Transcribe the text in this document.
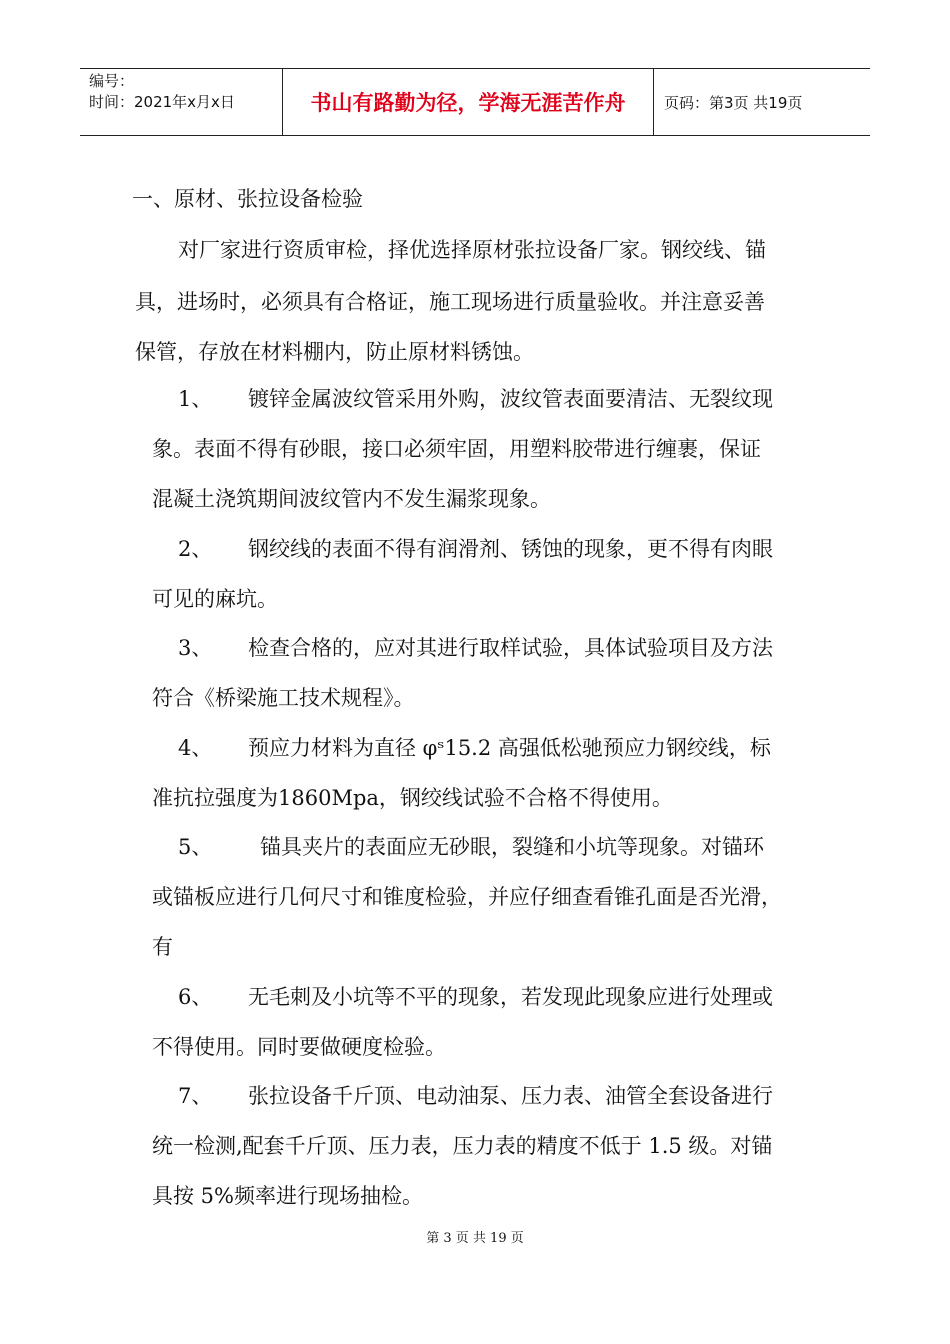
编号：
时间：2021年x月x日	书山有路勤为径，学海无涯苦作舟	页码：第3页 共19页
一、原材、张拉设备检验
对厂家进行资质审检，择优选择原材张拉设备厂家。钢绞线、锚
具，进场时，必须具有合格证，施工现场进行质量验收。并注意妥善
保管，存放在材料棚内，防止原材料锈蚀。
1、 镀锌金属波纹管采用外购，波纹管表面要清洁、无裂纹现
象。表面不得有砂眼，接口必须牢固，用塑料胶带进行缠裹，保证
混凝土浇筑期间波纹管内不发生漏浆现象。
2、 钢绞线的表面不得有润滑剂、锈蚀的现象，更不得有肉眼
可见的麻坑。
3、 检查合格的，应对其进行取样试验，具体试验项目及方法
符合《桥梁施工技术规程》。
4、 预应力材料为直径 φˢ15.2 高强低松驰预应力钢绞线，标
准抗拉强度为1860Mpa，钢绞线试验不合格不得使用。
5、 锚具夹片的表面应无砂眼，裂缝和小坑等现象。对锚环
或锚板应进行几何尺寸和锥度检验，并应仔细查看锥孔面是否光滑，
有
6、 无毛刺及小坑等不平的现象，若发现此现象应进行处理或
不得使用。同时要做硬度检验。
7、 张拉设备千斤顶、电动油泵、压力表、油管全套设备进行
统一检测,配套千斤顶、压力表，压力表的精度不低于 1.5 级。对锚
具按 5%频率进行现场抽检。
第 3 页 共 19 页
